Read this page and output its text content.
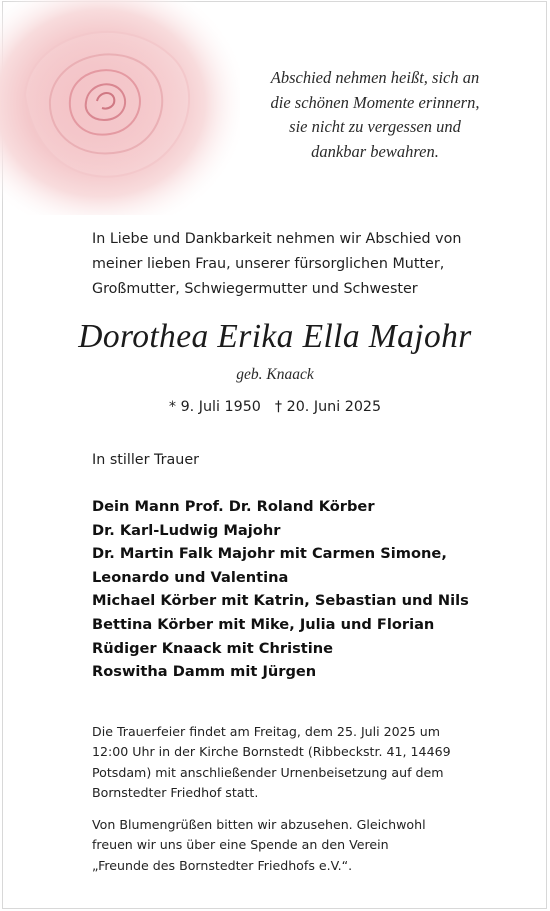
Abschied nehmen heißt, sich an
die schönen Momente erinnern,
sie nicht zu vergessen und
dankbar bewahren.
In Liebe und Dankbarkeit nehmen wir Abschied von
meiner lieben Frau, unserer fürsorglichen Mutter,
Großmutter, Schwiegermutter und Schwester
Dorothea Erika Ella Majohr
geb. Knaack
* 9. Juli 1950 † 20. Juni 2025
In stiller Trauer
Dein Mann Prof. Dr. Roland Körber
Dr. Karl-Ludwig Majohr
Dr. Martin Falk Majohr mit Carmen Simone,
Leonardo und Valentina
Michael Körber mit Katrin, Sebastian und Nils
Bettina Körber mit Mike, Julia und Florian
Rüdiger Knaack mit Christine
Roswitha Damm mit Jürgen
Die Trauerfeier findet am Freitag, dem 25. Juli 2025 um
12:00 Uhr in der Kirche Bornstedt (Ribbeckstr. 41, 14469
Potsdam) mit anschließender Urnenbeisetzung auf dem
Bornstedter Friedhof statt.
Von Blumengrüßen bitten wir abzusehen. Gleichwohl
freuen wir uns über eine Spende an den Verein
„Freunde des Bornstedter Friedhofs e.V.“.
